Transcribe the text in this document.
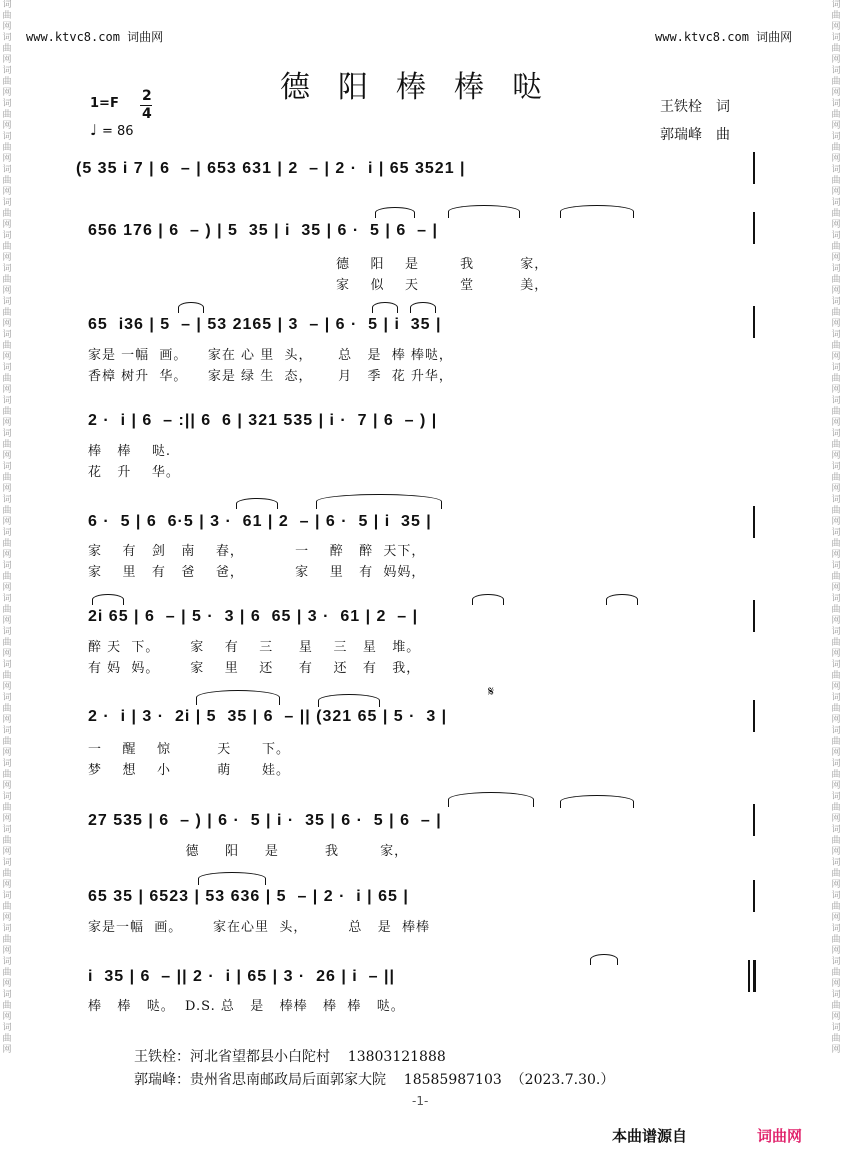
词曲网词曲网词曲网词曲网词曲网词曲网词曲网词曲网词曲网词曲网词曲网词曲网词曲网词曲网词曲网词曲网词曲网词曲网词曲网词曲网词曲网词曲网词曲网词曲网词曲网词曲网词曲网词曲网词曲网词曲网词曲网词曲网
词曲网词曲网词曲网词曲网词曲网词曲网词曲网词曲网词曲网词曲网词曲网词曲网词曲网词曲网词曲网词曲网词曲网词曲网词曲网词曲网词曲网词曲网词曲网词曲网词曲网词曲网词曲网词曲网词曲网词曲网词曲网词曲网
www.ktvc8.com 词曲网	www.ktvc8.com 词曲网
德阳棒棒哒
1=F 2
4
♩ = 86
王铁栓　词
郭瑞峰　曲
(5 35 i 7 | 6  – | 653 631 | 2  – | 2 ·  i | 65 3521 |
656 176 | 6  – ) | 5  35 | i  35 | 6 ·  5 | 6  – |
德    阳    是        我         家，
家    似    天        堂         美，
65  i36 | 5  – | 53 2165 | 3  – | 6 ·  5 | i  35 |
家是 一幅  画。    家在 心 里  头，     总   是  棒 棒哒，
香樟 树升  华。    家是 绿 生  态，     月   季  花 升华，
2 ·  i | 6  – :|| 6  6 | 321 535 | i ·  7 | 6  – ) |
棒   棒    哒.
花   升    华。
6 ·  5 | 6  6·5 | 3 ·  61 | 2  – | 6 ·  5 | i  35 |
家    有   剑   南    春，          一    醉   醉  天下，
家    里   有   爸    爸，          家    里   有  妈妈，
2i 65 | 6  – | 5 ·  3 | 6  65 | 3 ·  61 | 2  – |
醉 天  下。      家    有    三     星    三   星   堆。
有 妈  妈。      家    里    还     有    还   有   我，
2 ·  i | 3 ·  2i | 5  35 | 6  – || (321 65 | 5 ·  3 |
𝄋
一    醒    惊         天      下。
梦    想    小         萌      娃。
27 535 | 6  – ) | 6 ·  5 | i ·  35 | 6 ·  5 | 6  – |
德     阳     是         我        家，
65 35 | 6523 | 53 636 | 5  – | 2 ·  i | 65 |
家是一幅  画。      家在心里  头，        总   是  棒棒
i  35 | 6  – || 2 ·  i | 65 | 3 ·  26 | i  – ||
棒   棒   哒。  D.S. 总   是   棒棒   棒  棒   哒。
王铁栓：河北省望都县小白陀村    13803121888
郭瑞峰：贵州省思南邮政局后面郭家大院    18585987103  （2023.7.30.）
-1-
本曲谱源自	词曲网
